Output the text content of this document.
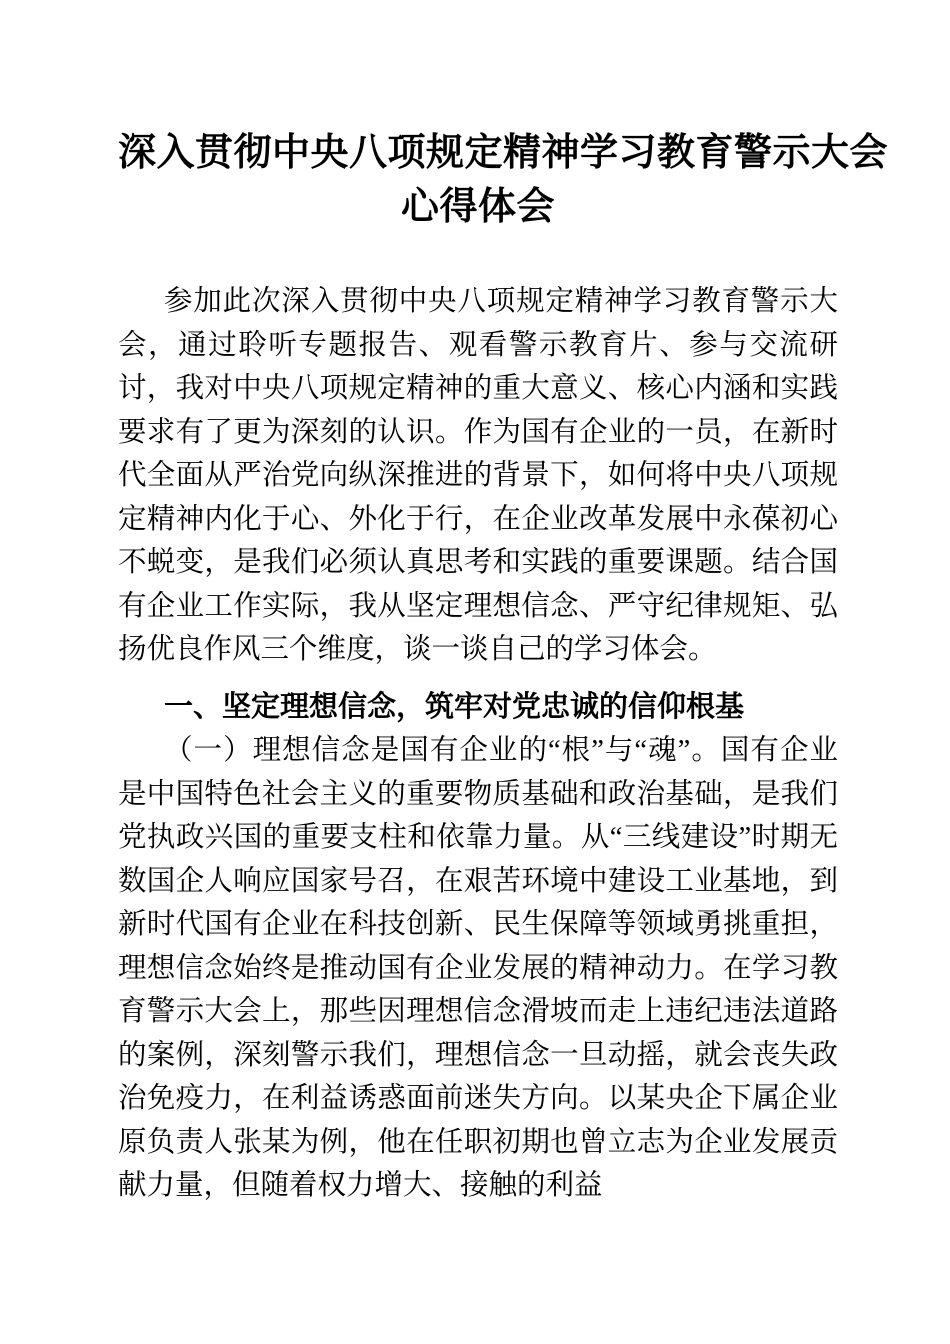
深入贯彻中央八项规定精神学习教育警示大会
心得体会

参加此次深入贯彻中央八项规定精神学习教育警示大会，通过聆听专题报告、观看警示教育片、参与交流研讨，我对中央八项规定精神的重大意义、核心内涵和实践要求有了更为深刻的认识。作为国有企业的一员，在新时代全面从严治党向纵深推进的背景下，如何将中央八项规定精神内化于心、外化于行，在企业改革发展中永葆初心不蜕变，是我们必须认真思考和实践的重要课题。结合国有企业工作实际，我从坚定理想信念、严守纪律规矩、弘扬优良作风三个维度，谈一谈自己的学习体会。

一、坚定理想信念，筑牢对党忠诚的信仰根基

（一）理想信念是国有企业的“根”与“魂”。国有企业是中国特色社会主义的重要物质基础和政治基础，是我们党执政兴国的重要支柱和依靠力量。从“三线建设”时期无数国企人响应国家号召，在艰苦环境中建设工业基地，到新时代国有企业在科技创新、民生保障等领域勇挑重担，理想信念始终是推动国有企业发展的精神动力。在学习教育警示大会上，那些因理想信念滑坡而走上违纪违法道路的案例，深刻警示我们，理想信念一旦动摇，就会丧失政治免疫力，在利益诱惑面前迷失方向。以某央企下属企业原负责人张某为例，他在任职初期也曾立志为企业发展贡献力量，但随着权力增大、接触的利益
